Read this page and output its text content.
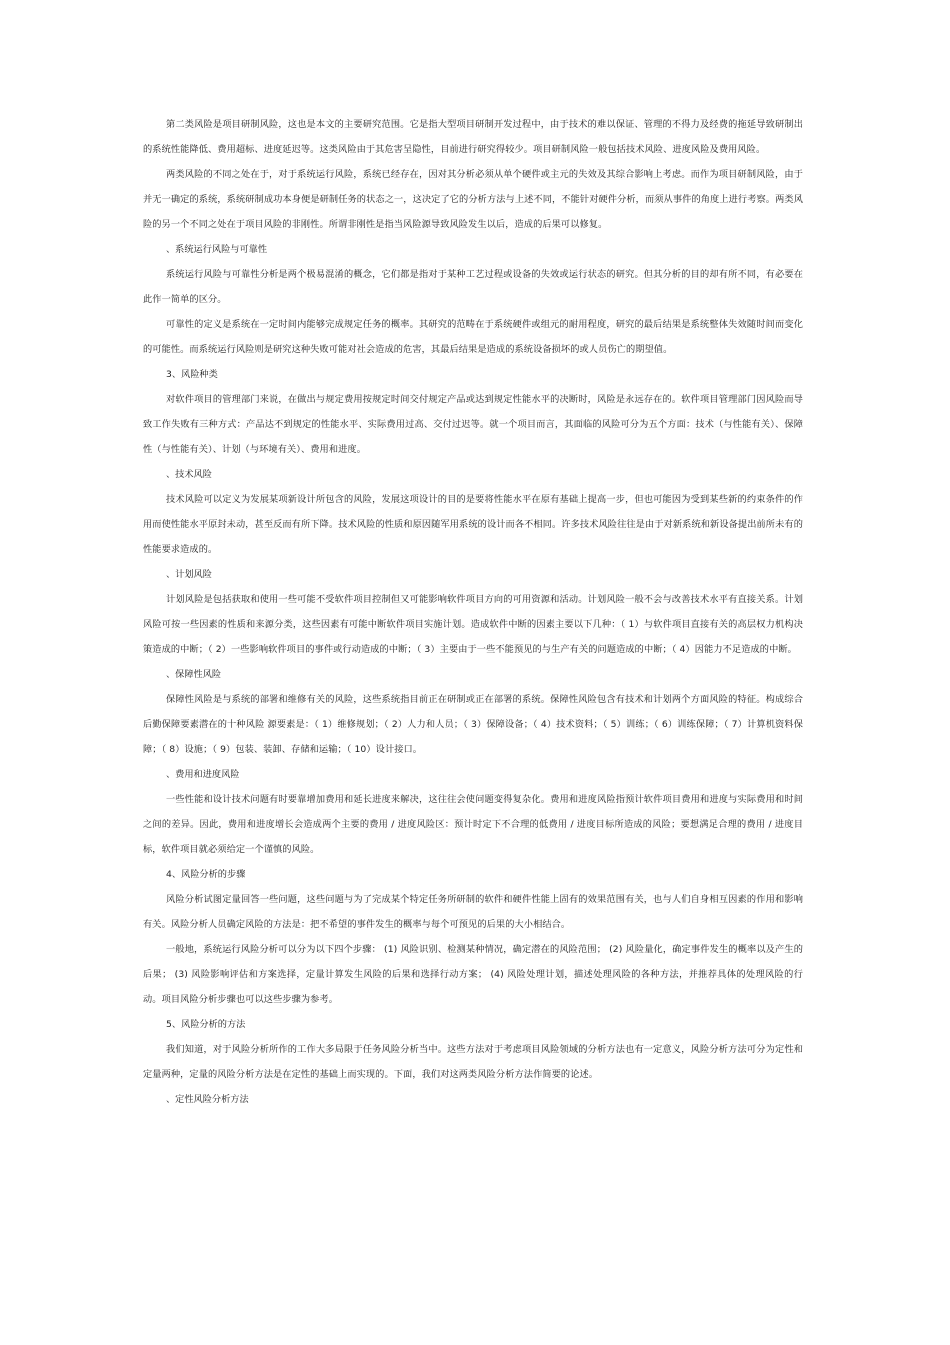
第二类风险是项目研制风险，这也是本文的主要研究范围。它是指大型项目研制开发过程中，由于技术的难以保证、管理的不得力及经费的拖延导致研制出的系统性能降低、费用超标、进度延迟等。这类风险由于其危害呈隐性，目前进行研究得较少。项目研制风险一般包括技术风险、进度风险及费用风险。

两类风险的不同之处在于，对于系统运行风险，系统已经存在，因对其分析必须从单个硬件或主元的失效及其综合影响上考虑。而作为项目研制风险，由于并无一确定的系统，系统研制成功本身便是研制任务的状态之一，这决定了它的分析方法与上述不同，不能针对硬件分析，而须从事件的角度上进行考察。两类风险的另一个不同之处在于项目风险的非刚性。所谓非刚性是指当风险源导致风险发生以后，造成的后果可以修复。

、系统运行风险与可靠性

系统运行风险与可靠性分析是两个极易混淆的概念，它们都是指对于某种工艺过程或设备的失效或运行状态的研究。但其分析的目的却有所不同，有必要在此作一简单的区分。

可靠性的定义是系统在一定时间内能够完成规定任务的概率。其研究的范畴在于系统硬件或组元的耐用程度，研究的最后结果是系统整体失效随时间而变化的可能性。而系统运行风险则是研究这种失败可能对社会造成的危害，其最后结果是造成的系统设备损坏的或人员伤亡的期望值。

3、风险种类

对软件项目的管理部门来说，在做出与规定费用按规定时间交付规定产品或达到规定性能水平的决断时，风险是永远存在的。软件项目管理部门因风险而导致工作失败有三种方式：产品达不到规定的性能水平、实际费用过高、交付过迟等。就一个项目而言，其面临的风险可分为五个方面：技术（与性能有关）、保障性（与性能有关）、计划（与环境有关）、费用和进度。

、技术风险

技术风险可以定义为发展某项新设计所包含的风险，发展这项设计的目的是要将性能水平在原有基础上提高一步，但也可能因为受到某些新的约束条件的作用而使性能水平原封未动，甚至反而有所下降。技术风险的性质和原因随军用系统的设计而各不相同。许多技术风险往往是由于对新系统和新设备提出前所未有的性能要求造成的。

、计划风险

计划风险是包括获取和使用一些可能不受软件项目控制但又可能影响软件项目方向的可用资源和活动。计划风险一般不会与改善技术水平有直接关系。计划风险可按一些因素的性质和来源分类，这些因素有可能中断软件项目实施计划。造成软件中断的因素主要以下几种：（ 1）与软件项目直接有关的高层权力机构决策造成的中断；（ 2）一些影响软件项目的事件或行动造成的中断；（ 3）主要由于一些不能预见的与生产有关的问题造成的中断；（ 4）因能力不足造成的中断。

、保障性风险

保障性风险是与系统的部署和维修有关的风险，这些系统指目前正在研制或正在部署的系统。保障性风险包含有技术和计划两个方面风险的特征。构成综合后勤保障要素潜在的十种风险 源要素是：（ 1）维修规划；（ 2）人力和人员；（ 3）保障设备；（ 4）技术资料；（ 5）训练；（ 6）训练保障；（ 7）计算机资料保障；（ 8）设施；（ 9）包装、装卸、存储和运输；（ 10）设计接口。

、费用和进度风险

一些性能和设计技术问题有时要靠增加费用和延长进度来解决，这往往会使问题变得复杂化。费用和进度风险指预计软件项目费用和进度与实际费用和时间之间的差异。因此，费用和进度增长会造成两个主要的费用 / 进度风险区：预计时定下不合理的低费用 / 进度目标所造成的风险；要想满足合理的费用 / 进度目标，软件项目就必须给定一个谨慎的风险。

4、风险分析的步骤

风险分析试图定量回答一些问题，这些问题与为了完成某个特定任务所研制的软件和硬件性能上固有的效果范围有关，也与人们自身相互因素的作用和影响有关。风险分析人员确定风险的方法是：把不希望的事件发生的概率与每个可预见的后果的大小相结合。

一般地，系统运行风险分析可以分为以下四个步骤： (1) 风险识别、检测某种情况，确定潜在的风险范围； (2) 风险量化，确定事件发生的概率以及产生的后果； (3) 风险影响评估和方案选择，定量计算发生风险的后果和选择行动方案； (4) 风险处理计划，描述处理风险的各种方法，并推荐具体的处理风险的行动。项目风险分析步骤也可以这些步骤为参考。

5、风险分析的方法

我们知道，对于风险分析所作的工作大多局限于任务风险分析当中。这些方法对于考虑项目风险领域的分析方法也有一定意义，风险分析方法可分为定性和定量两种，定量的风险分析方法是在定性的基础上而实现的。下面，我们对这两类风险分析方法作简要的论述。

、定性风险分析方法
